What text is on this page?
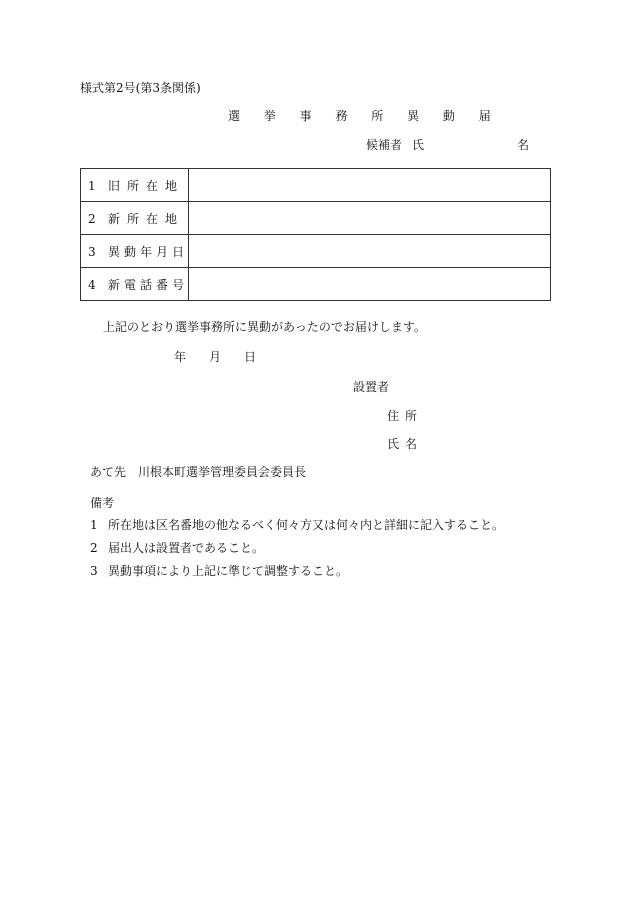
様式第2号(第3条関係)
選 挙 事 務 所 異 動 届
候補者 氏	名
1 旧所在地	
2 新所在地	
3 異動年月日	
4 新電話番号	
上記のとおり選挙事務所に異動があったのでお届けします。
年 月 日
設置者
住所
氏名
あて先　川根本町選挙管理委員会委員長
備考
1 所在地は区名番地の他なるべく何々方又は何々内と詳細に記入すること。
2 届出人は設置者であること。
3 異動事項により上記に準じて調整すること。
